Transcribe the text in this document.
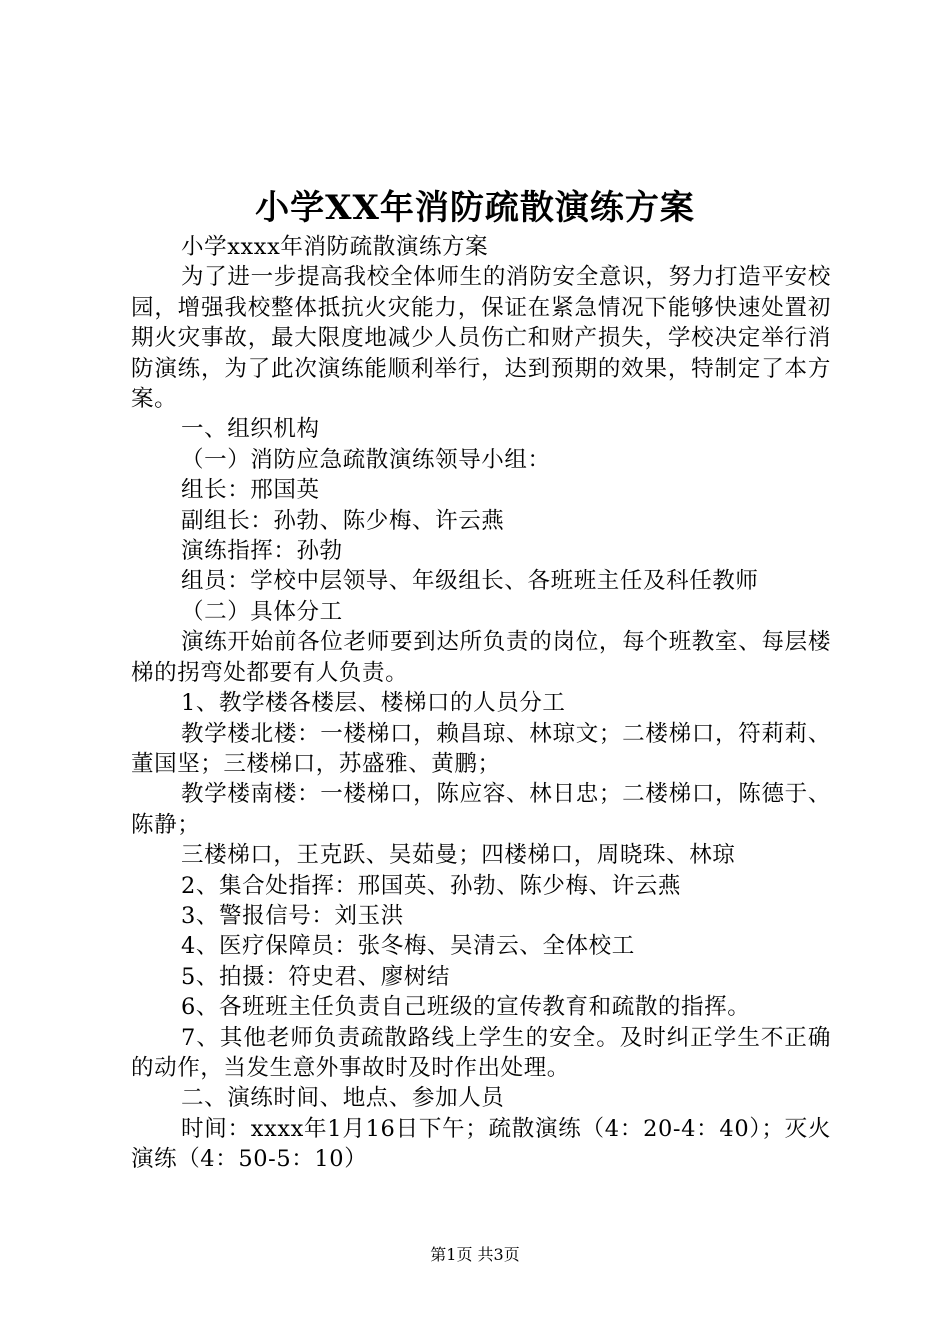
小学XX年消防疏散演练方案

小学xxxx年消防疏散演练方案

为了进一步提高我校全体师生的消防安全意识，努力打造平安校园，增强我校整体抵抗火灾能力，保证在紧急情况下能够快速处置初期火灾事故，最大限度地减少人员伤亡和财产损失，学校决定举行消防演练，为了此次演练能顺利举行，达到预期的效果，特制定了本方案。

一、组织机构

（一）消防应急疏散演练领导小组：

组长：邢国英

副组长：孙勃、陈少梅、许云燕

演练指挥：孙勃

组员：学校中层领导、年级组长、各班班主任及科任教师

（二）具体分工

演练开始前各位老师要到达所负责的岗位，每个班教室、每层楼梯的拐弯处都要有人负责。

1、教学楼各楼层、楼梯口的人员分工

教学楼北楼：一楼梯口，赖昌琼、林琼文；二楼梯口，符莉莉、董国坚；三楼梯口，苏盛雅、黄鹏；

教学楼南楼：一楼梯口，陈应容、林日忠；二楼梯口，陈德于、陈静；

三楼梯口，王克跃、吴茹曼；四楼梯口，周晓珠、林琼

2、集合处指挥：邢国英、孙勃、陈少梅、许云燕

3、警报信号：刘玉洪

4、医疗保障员：张冬梅、吴清云、全体校工

5、拍摄：符史君、廖树结

6、各班班主任负责自己班级的宣传教育和疏散的指挥。

7、其他老师负责疏散路线上学生的安全。及时纠正学生不正确的动作，当发生意外事故时及时作出处理。

二、演练时间、地点、参加人员

时间：xxxx年1月16日下午；疏散演练（4：20-4：40）；灭火演练（4：50-5：10）

第1页 共3页
